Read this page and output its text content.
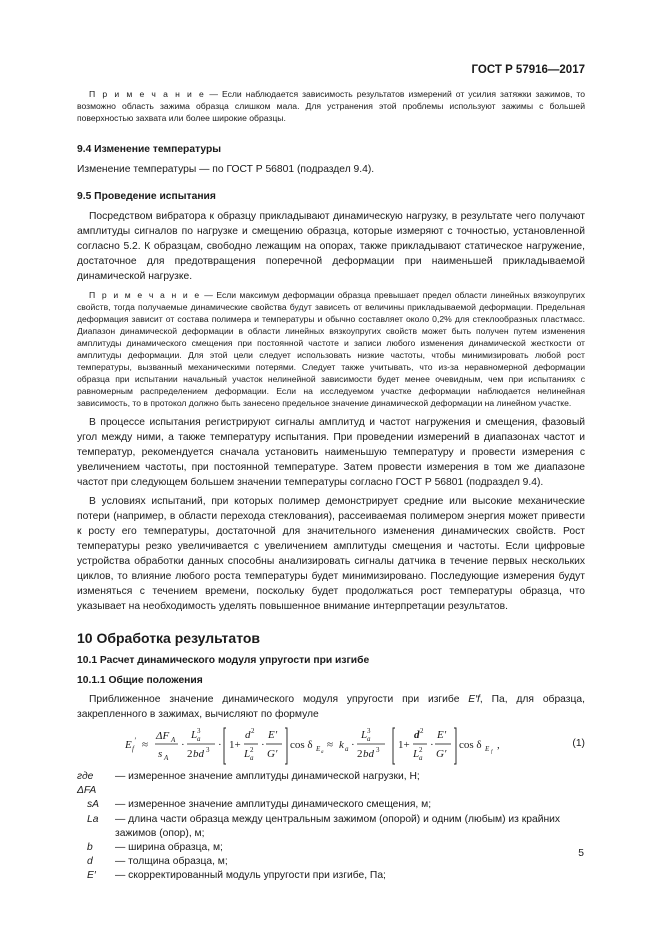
ГОСТ Р 57916—2017

П р и м е ч а н и е — Если наблюдается зависимость результатов измерений от усилия затяжки зажимов, то возможно область зажима образца слишком мала. Для устранения этой проблемы используют зажимы с большей поверхностью захвата или более широкие образцы.

9.4 Изменение температуры

Изменение температуры — по ГОСТ Р 56801 (подраздел 9.4).

9.5 Проведение испытания

Посредством вибратора к образцу прикладывают динамическую нагрузку, в результате чего получают амплитуды сигналов по нагрузке и смещению образца, которые измеряют с точностью, установленной согласно 5.2. К образцам, свободно лежащим на опорах, также прикладывают статическое нагружение, достаточное для предотвращения поперечной деформации при наименьшей прикладываемой динамической нагрузке.

П р и м е ч а н и е — Если максимум деформации образца превышает предел области линейных вязкоупругих свойств, тогда получаемые динамические свойства будут зависеть от величины прикладываемой деформации. Предельная деформация зависит от состава полимера и температуры и обычно составляет около 0,2% для стеклообразных пластмасс. Диапазон динамической деформации в области линейных вязкоупругих свойств может быть получен путем изменения амплитуды динамического смещения при постоянной частоте и записи любого изменения динамической жесткости от амплитуды деформации. Для этой цели следует использовать низкие частоты, чтобы минимизировать любой рост температуры, вызванный механическими потерями. Следует также учитывать, что из-за неравномерной деформации образца при испытании начальный участок нелинейной зависимости будет менее очевидным, чем при испытаниях с равномерным распределением деформации. Если на исследуемом участке деформации наблюдается нелинейная зависимость, то в протокол должно быть занесено предельное значение динамической деформации на линейном участке.

В процессе испытания регистрируют сигналы амплитуд и частот нагружения и смещения, фазовый угол между ними, а также температуру испытания. При проведении измерений в диапазонах частот и температур, рекомендуется сначала установить наименьшую температуру и провести измерения с увеличением частоты, при постоянной температуре. Затем провести измерения в том же диапазоне частот при следующем большем значении температуры согласно ГОСТ Р 56801 (подраздел 9.4).

В условиях испытаний, при которых полимер демонстрирует средние или высокие механические потери (например, в области перехода стеклования), рассеиваемая полимером энергия может привести к росту его температуры, достаточной для значительного изменения динамических свойств. Рост температуры резко увеличивается с увеличением амплитуды смещения и частоты. Если цифровые устройства обработки данных способны анализировать сигналы датчика в течение первых нескольких циклов, то влияние любого роста температуры будет минимизировано. Последующие измерения будут изменяться с течением времени, поскольку будет продолжаться рост температуры образца, что указывает на необходимость уделять повышенное внимание интерпретации результатов.

10 Обработка результатов

10.1 Расчет динамического модуля упругости при изгибе

10.1.1 Общие положения

Приближенное значение динамического модуля упругости при изгибе E′f, Па, для образца, закрепленного в зажимах, вычисляют по формуле

E f
′ ≈
ΔF A
s A
·
L a
3
2 bd 3 · 1+
d 2
L a
2 ·
E′
G′
cos δ E a
≈ k a ·
L a
3
2 bd 3 1+
d 2
L a
2 ·
E′
G′
cos δ E f
,	(1)
где ΔFA
— измеренное значение амплитуды динамической нагрузки, Н;
sA	— измеренное значение амплитуды динамического смещения, м;
La	— длина части образца между центральным зажимом (опорой) и одним (любым) из крайних зажимов (опор), м;
b	— ширина образца, м;
d	— толщина образца, м;
E′	— скорректированный модуль упругости при изгибе, Па;
5
